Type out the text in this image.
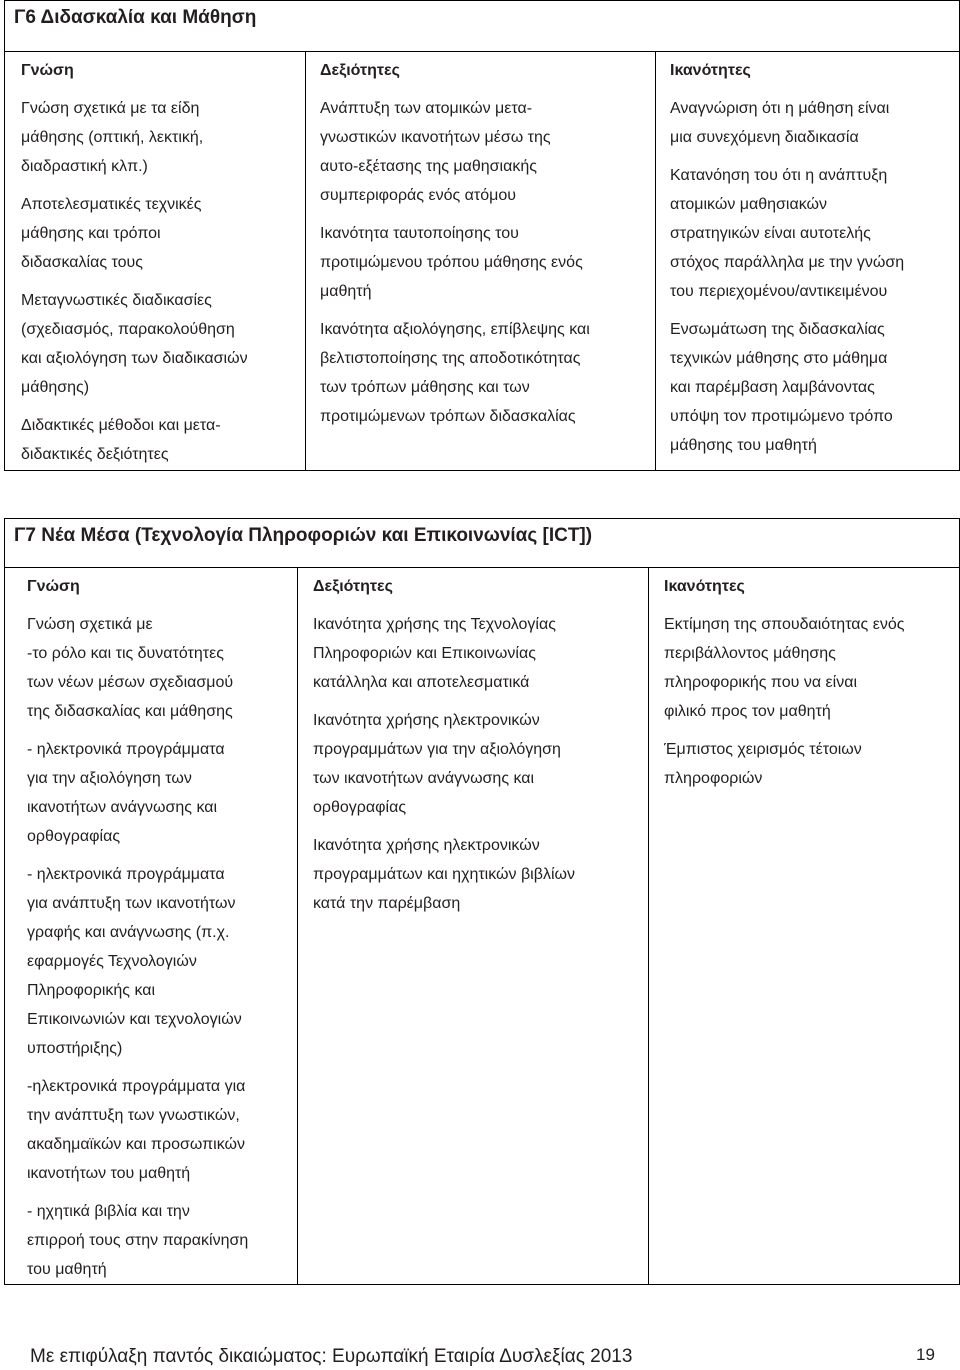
Γ6 Διδασκαλία και Μάθηση
Γνώση

Γνώση σχετικά με τα είδη
μάθησης (οπτική, λεκτική,
διαδραστική κλπ.)

Αποτελεσματικές τεχνικές
μάθησης και τρόποι
διδασκαλίας τους

Μεταγνωστικές διαδικασίες
(σχεδιασμός, παρακολούθηση
και αξιολόγηση των διαδικασιών
μάθησης)

Διδακτικές μέθοδοι και μετα-
διδακτικές δεξιότητες

Δεξιότητες

Ανάπτυξη των ατομικών μετα-
γνωστικών ικανοτήτων μέσω της
αυτο-εξέτασης της μαθησιακής
συμπεριφοράς ενός ατόμου

Ικανότητα ταυτοποίησης του
προτιμώμενου τρόπου μάθησης ενός
μαθητή

Ικανότητα αξιολόγησης, επίβλεψης και
βελτιστοποίησης της αποδοτικότητας
των τρόπων μάθησης και των
προτιμώμενων τρόπων διδασκαλίας

Ικανότητες

Αναγνώριση ότι η μάθηση είναι
μια συνεχόμενη διαδικασία

Κατανόηση του ότι η ανάπτυξη
ατομικών μαθησιακών
στρατηγικών είναι αυτοτελής
στόχος παράλληλα με την γνώση
του περιεχομένου/αντικειμένου

Ενσωμάτωση της διδασκαλίας
τεχνικών μάθησης στο μάθημα
και παρέμβαση λαμβάνοντας
υπόψη τον προτιμώμενο τρόπο
μάθησης του μαθητή

Γ7 Νέα Μέσα (Τεχνολογία Πληροφοριών και Επικοινωνίας [ICT])
Γνώση

Γνώση σχετικά με
-το ρόλο και τις δυνατότητες
των νέων μέσων σχεδιασμού
της διδασκαλίας και μάθησης

- ηλεκτρονικά προγράμματα
για την αξιολόγηση των
ικανοτήτων ανάγνωσης και
ορθογραφίας

- ηλεκτρονικά προγράμματα
για ανάπτυξη των ικανοτήτων
γραφής και ανάγνωσης (π.χ.
εφαρμογές Τεχνολογιών
Πληροφορικής και
Επικοινωνιών και τεχνολογιών
υποστήριξης)

-ηλεκτρονικά προγράμματα για
την ανάπτυξη των γνωστικών,
ακαδημαϊκών και προσωπικών
ικανοτήτων του μαθητή

- ηχητικά βιβλία και την
επιρροή τους στην παρακίνηση
του μαθητή

Δεξιότητες

Ικανότητα χρήσης της Τεχνολογίας
Πληροφοριών και Επικοινωνίας
κατάλληλα και αποτελεσματικά

Ικανότητα χρήσης ηλεκτρονικών
προγραμμάτων για την αξιολόγηση
των ικανοτήτων ανάγνωσης και
ορθογραφίας

Ικανότητα χρήσης ηλεκτρονικών
προγραμμάτων και ηχητικών βιβλίων
κατά την παρέμβαση

Ικανότητες

Εκτίμηση της σπουδαιότητας ενός
περιβάλλοντος μάθησης
πληροφορικής που να είναι
φιλικό προς τον μαθητή

Έμπιστος χειρισμός τέτοιων
πληροφοριών

Με επιφύλαξη παντός δικαιώματος: Ευρωπαϊκή Εταιρία Δυσλεξίας 2013	19
